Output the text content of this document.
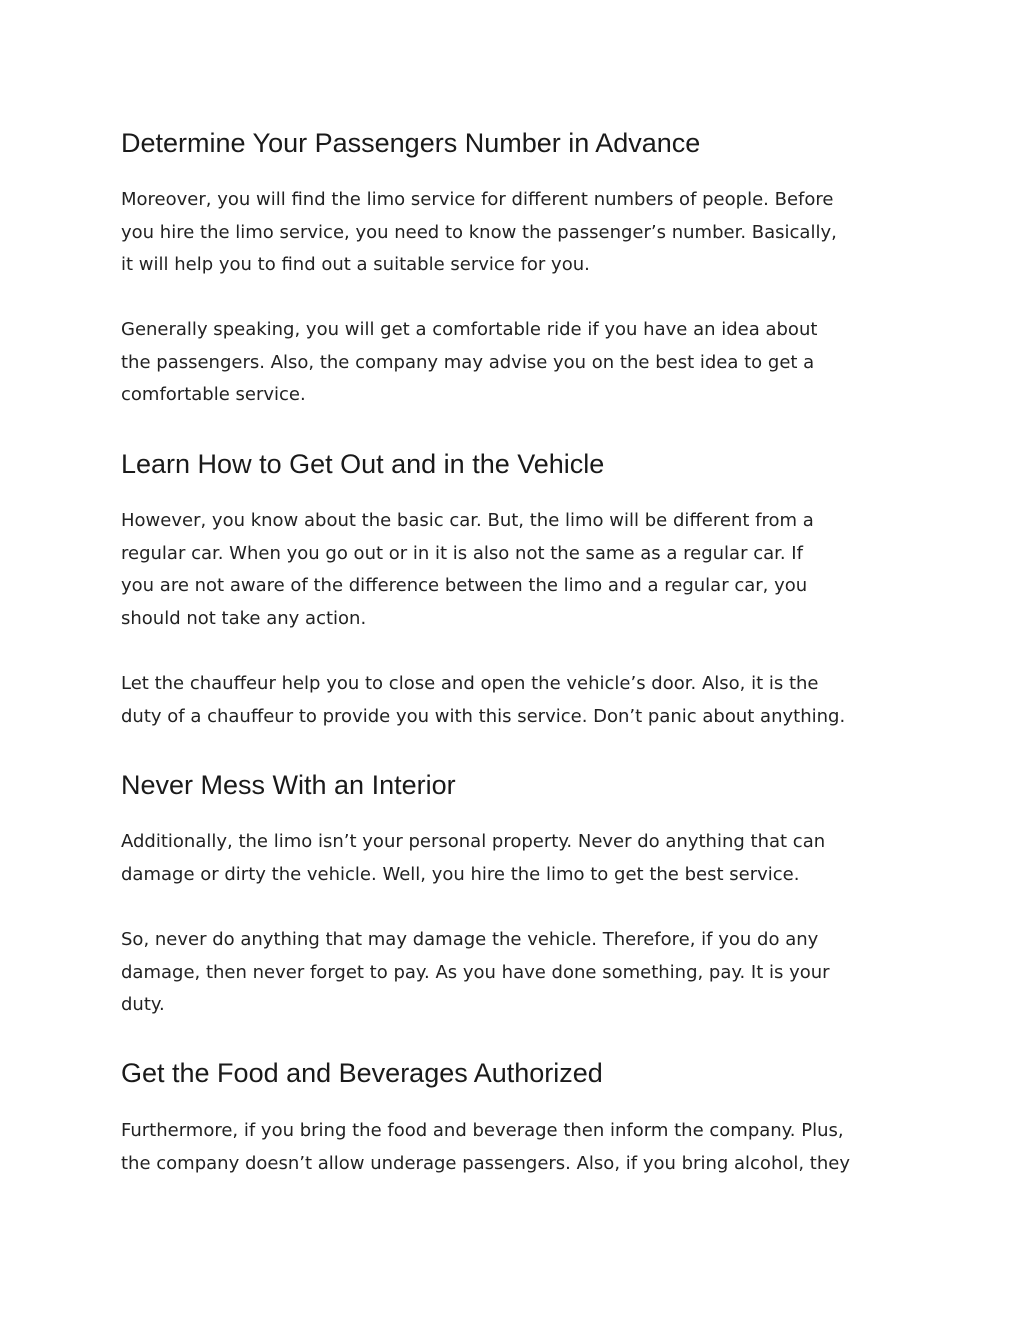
Determine Your Passengers Number in Advance

Moreover, you will find the limo service for different numbers of people. Before
you hire the limo service, you need to know the passenger’s number. Basically,
it will help you to find out a suitable service for you.

Generally speaking, you will get a comfortable ride if you have an idea about
the passengers. Also, the company may advise you on the best idea to get a
comfortable service.

Learn How to Get Out and in the Vehicle

However, you know about the basic car. But, the limo will be different from a
regular car. When you go out or in it is also not the same as a regular car. If
you are not aware of the difference between the limo and a regular car, you
should not take any action.

Let the chauffeur help you to close and open the vehicle’s door. Also, it is the
duty of a chauffeur to provide you with this service. Don’t panic about anything.

Never Mess With an Interior

Additionally, the limo isn’t your personal property. Never do anything that can
damage or dirty the vehicle. Well, you hire the limo to get the best service.

So, never do anything that may damage the vehicle. Therefore, if you do any
damage, then never forget to pay. As you have done something, pay. It is your
duty.

Get the Food and Beverages Authorized

Furthermore, if you bring the food and beverage then inform the company. Plus,
the company doesn’t allow underage passengers. Also, if you bring alcohol, they
